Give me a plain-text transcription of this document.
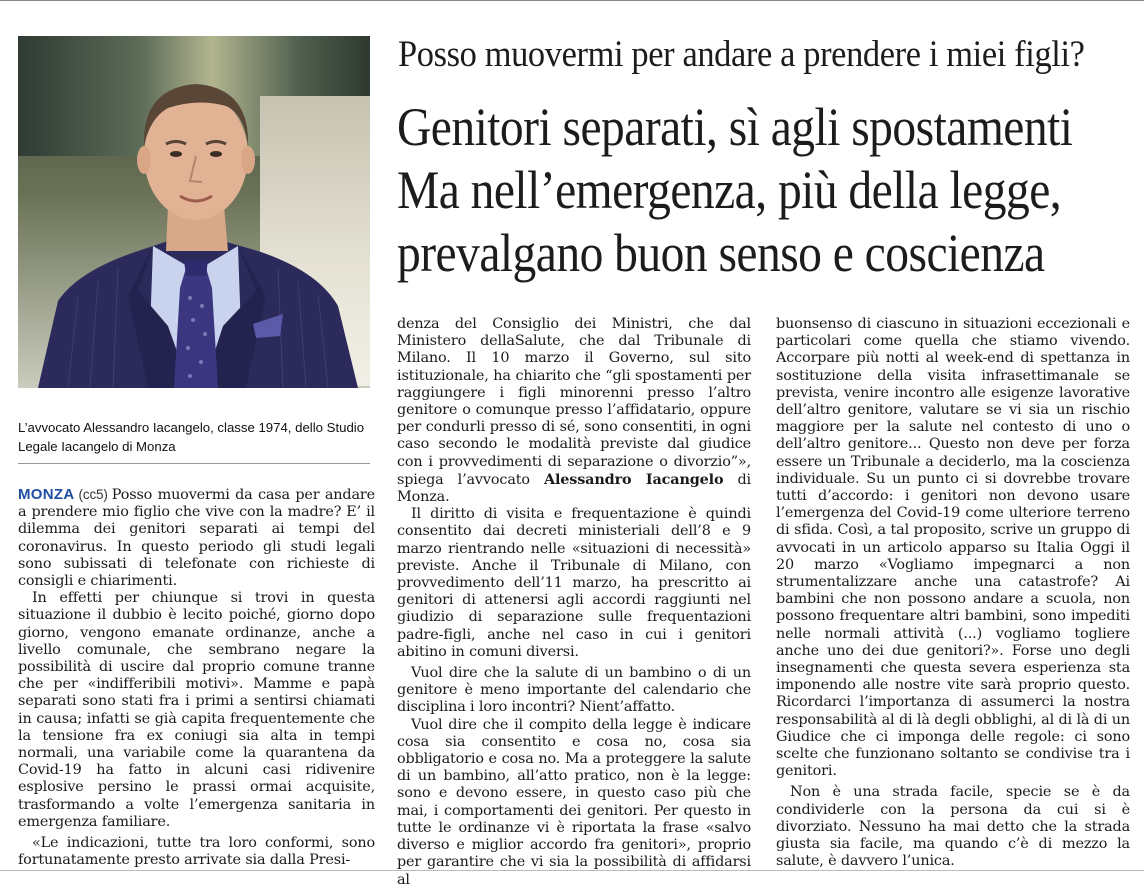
L’avvocato Alessandro Iacangelo, classe 1974, dello Studio Legale Iacangelo di Monza
Posso muovermi per andare a prendere i miei figli?
Genitori separati, sì agli spostamenti
Ma nell’emergenza, più della legge,
prevalgano buon senso e coscienza

MONZA (cc5) Posso muovermi da casa per andare a prendere mio figlio che vive con la madre? E’ il dilemma dei genitori separati ai tempi del coronavirus. In questo periodo gli studi legali sono subissati di telefonate con richieste di consigli e chiarimenti.

In effetti per chiunque si trovi in questa situazione il dubbio è lecito poiché, giorno dopo giorno, vengono emanate ordinanze, anche a livello comunale, che sembrano negare la possibilità di uscire dal proprio comune tranne che per «indifferibili motivi». Mamme e papà separati sono stati fra i primi a sentirsi chiamati in causa; infatti se già capita frequentemente che la tensione fra ex coniugi sia alta in tempi normali, una variabile come la quarantena da Covid-19 ha fatto in alcuni casi ridivenire esplosive persino le prassi ormai acquisite, trasformando a volte l’emergenza sanitaria in emergenza familiare.

«Le indicazioni, tutte tra loro conformi, sono fortunatamente presto arrivate sia dalla Presi-

denza del Consiglio dei Ministri, che dal Ministero dellaSalute, che dal Tribunale di Milano. Il 10 marzo il Governo, sul sito istituzionale, ha chiarito che “gli spostamenti per raggiungere i figli minorenni presso l’altro genitore o comunque presso l’affidatario, oppure per condurli presso di sé, sono consentiti, in ogni caso secondo le modalità previste dal giudice con i provvedimenti di separazione o divorzio”», spiega l’avvocato Alessandro Iacangelo di Monza.

Il diritto di visita e frequentazione è quindi consentito dai decreti ministeriali dell’8 e 9 marzo rientrando nelle «situazioni di necessità» previste. Anche il Tribunale di Milano, con provvedimento dell’11 marzo, ha prescritto ai genitori di attenersi agli accordi raggiunti nel giudizio di separazione sulle frequentazioni padre-figli, anche nel caso in cui i genitori abitino in comuni diversi.

Vuol dire che la salute di un bambino o di un genitore è meno importante del calendario che disciplina i loro incontri? Nient’affatto.

Vuol dire che il compito della legge è indicare cosa sia consentito e cosa no, cosa sia obbligatorio e cosa no. Ma a proteggere la salute di un bambino, all’atto pratico, non è la legge: sono e devono essere, in questo caso più che mai, i comportamenti dei genitori. Per questo in tutte le ordinanze vi è riportata la frase «salvo diverso e miglior accordo fra genitori», proprio per garantire che vi sia la possibilità di affidarsi al

buonsenso di ciascuno in situazioni eccezionali e particolari come quella che stiamo vivendo. Accorpare più notti al week-end di spettanza in sostituzione della visita infrasettimanale se prevista, venire incontro alle esigenze lavorative dell’altro genitore, valutare se vi sia un rischio maggiore per la salute nel contesto di uno o dell’altro genitore... Questo non deve per forza essere un Tribunale a deciderlo, ma la coscienza individuale. Su un punto ci si dovrebbe trovare tutti d’accordo: i genitori non devono usare l’emergenza del Covid-19 come ulteriore terreno di sfida. Così, a tal proposito, scrive un gruppo di avvocati in un articolo apparso su Italia Oggi il 20 marzo «Vogliamo impegnarci a non strumentalizzare anche una catastrofe? Ai bambini che non possono andare a scuola, non possono frequentare altri bambini, sono impediti nelle normali attività (...) vogliamo togliere anche uno dei due genitori?». Forse uno degli insegnamenti che questa severa esperienza sta imponendo alle nostre vite sarà proprio questo. Ricordarci l’importanza di assumerci la nostra responsabilità al di là degli obblighi, al di là di un Giudice che ci imponga delle regole: ci sono scelte che funzionano soltanto se condivise tra i genitori.

Non è una strada facile, specie se è da condividerle con la persona da cui si è divorziato. Nessuno ha mai detto che la strada giusta sia facile, ma quando c’è di mezzo la salute, è davvero l’unica.
